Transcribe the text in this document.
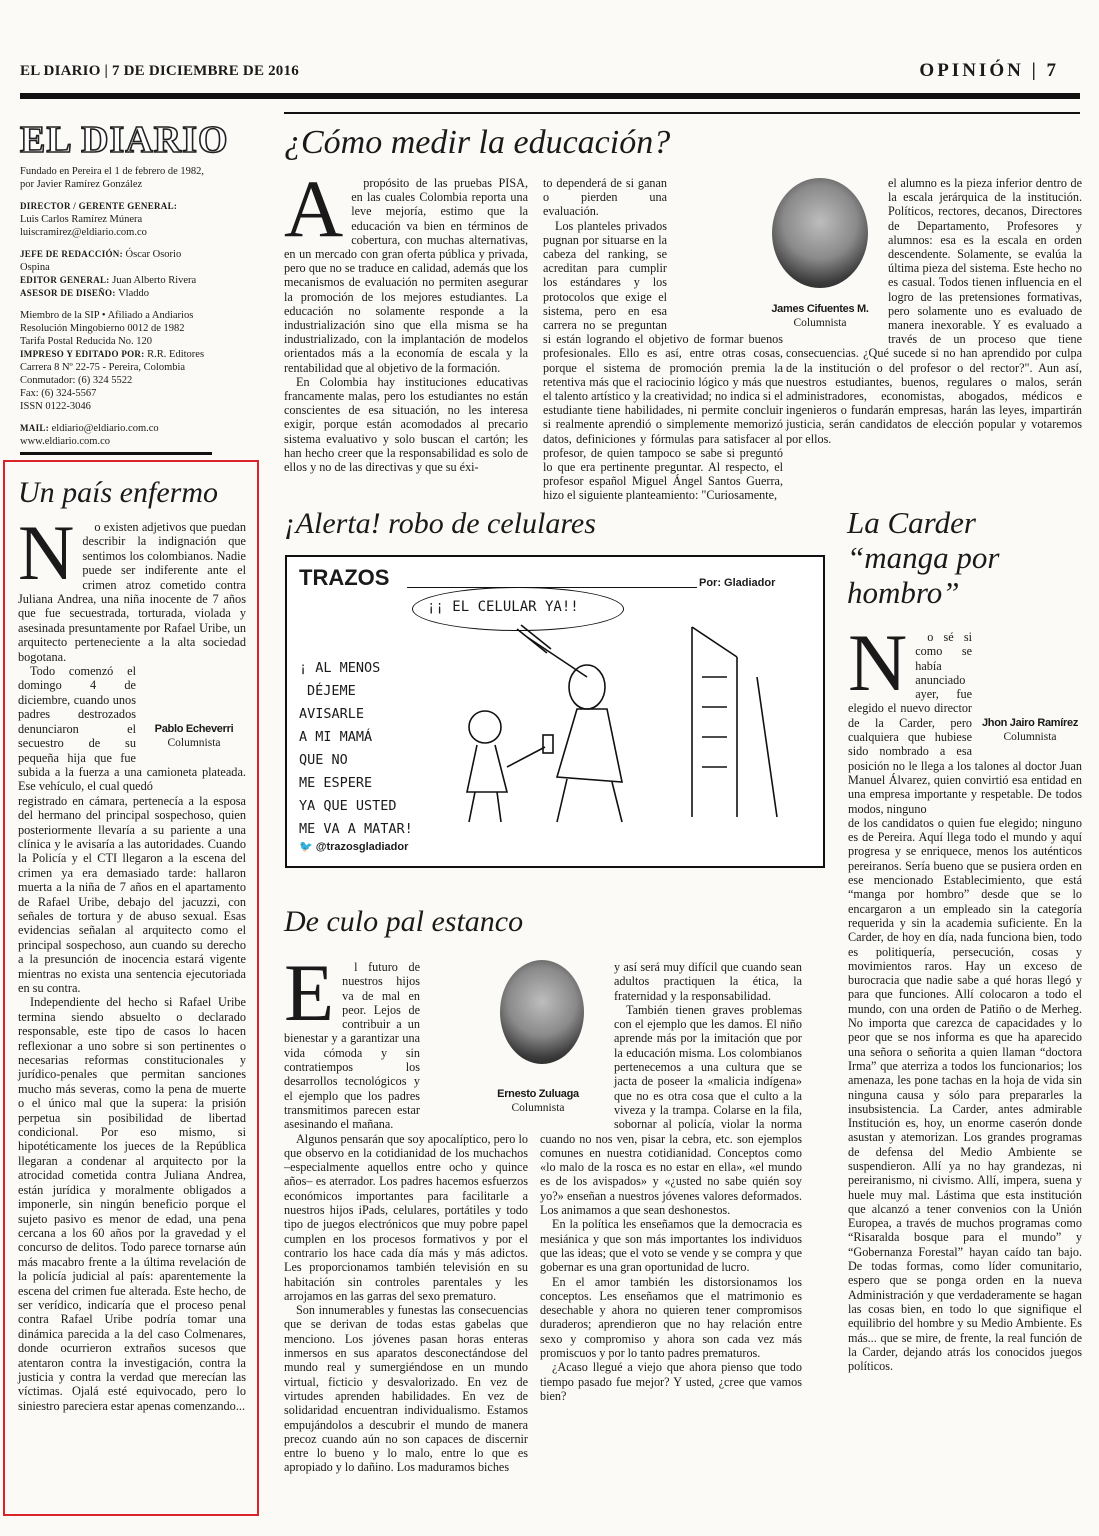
EL DIARIO | 7 DE DICIEMBRE DE 2016	OPINIÓN | 7
EL DIARIO

Fundado en Pereira el 1 de febrero de 1982, por Javier Ramírez González

DIRECTOR / GERENTE GENERAL:
Luis Carlos Ramírez Múnera
luiscramirez@eldiario.com.co

JEFE DE REDACCIÓN: Óscar Osorio Ospina
EDITOR GENERAL: Juan Alberto Rivera
ASESOR DE DISEÑO: Vladdo

Miembro de la SIP • Afiliado a Andiarios
Resolución Mingobierno 0012 de 1982
Tarifa Postal Reducida No. 120
IMPRESO Y EDITADO POR: R.R. Editores
Carrera 8 Nº 22-75 - Pereira, Colombia
Conmutador: (6) 324 5522
Fax: (6) 324-5567
ISSN 0122-3046

MAIL: eldiario@eldiario.com.co
www.eldiario.com.co

Un país enfermo
N	o existen adjetivos que puedan describir la indignación que sentimos los colombianos. Nadie puede ser indiferente ante el crimen atroz cometido contra Juliana Andrea, una niña inocente de 7 años que fue secuestrada, torturada, violada y asesinada presuntamente por Rafael Uribe, un arquitecto perteneciente a la alta sociedad bogotana.

Pablo Echeverri
Columnista

Todo comenzó el domingo 4 de diciembre, cuando unos padres destrozados denunciaron el secuestro de su pequeña hija que fue subida a la fuerza a una camioneta plateada. Ese vehículo, el cual quedó

registrado en cámara, pertenecía a la esposa del hermano del principal sospechoso, quien posteriormente llevaría a su pariente a una clínica y le avisaría a las autoridades. Cuando la Policía y el CTI llegaron a la escena del crimen ya era demasiado tarde: hallaron muerta a la niña de 7 años en el apartamento de Rafael Uribe, debajo del jacuzzi, con señales de tortura y de abuso sexual. Esas evidencias señalan al arquitecto como el principal sospechoso, aun cuando su derecho a la presunción de inocencia estará vigente mientras no exista una sentencia ejecutoriada en su contra.

Independiente del hecho si Rafael Uribe termina siendo absuelto o declarado responsable, este tipo de casos lo hacen reflexionar a uno sobre si son pertinentes o necesarias reformas constitucionales y jurídico-penales que permitan sanciones mucho más severas, como la pena de muerte o el único mal que la supera: la prisión perpetua sin posibilidad de libertad condicional. Por eso mismo, si hipotéticamente los jueces de la República llegaran a condenar al arquitecto por la atrocidad cometida contra Juliana Andrea, están jurídica y moralmente obligados a imponerle, sin ningún beneficio porque el sujeto pasivo es menor de edad, una pena cercana a los 60 años por la gravedad y el concurso de delitos. Todo parece tornarse aún más macabro frente a la última revelación de la policía judicial al país: aparentemente la escena del crimen fue alterada. Este hecho, de ser verídico, indicaría que el proceso penal contra Rafael Uribe podría tomar una dinámica parecida a la del caso Colmenares, donde ocurrieron extraños sucesos que atentaron contra la investigación, contra la justicia y contra la verdad que merecían las víctimas. Ojalá esté equivocado, pero lo siniestro pareciera estar apenas comenzando...

¿Cómo medir la educación?
A	propósito de las pruebas PISA, en las cuales Colombia reporta una leve mejoría, estimo que la educación va bien en términos de cobertura, con muchas alternativas, en un mercado con gran oferta pública y privada, pero que no se traduce en calidad, además que los mecanismos de evaluación no permiten asegurar la promoción de los mejores estudiantes. La educación no solamente responde a la industrialización sino que ella misma se ha industrializado, con la implantación de modelos orientados más a la economía de escala y la rentabilidad que al objetivo de la formación.

En Colombia hay instituciones educativas francamente malas, pero los estudiantes no están conscientes de esa situación, no les interesa exigir, porque están acomodados al precario sistema evaluativo y solo buscan el cartón; les han hecho creer que la responsabilidad es solo de ellos y no de las directivas y que su éxi-

to dependerá de si ganan o pierden una evaluación.

Los planteles privados pugnan por situarse en la cabeza del ranking, se acreditan para cumplir los estándares y los protocolos que exige el sistema, pero en esa carrera no se preguntan si están logrando el objetivo de formar buenos profesionales. Ello es así, entre otras cosas, porque el sistema de promoción premia la retentiva más que el raciocinio lógico y más que el talento artístico y la creatividad; no indica si el estudiante tiene habilidades, ni permite concluir si realmente aprendió o simplemente memorizó datos, definiciones y fórmulas para satisfacer al profesor, de quien tampoco se sabe si preguntó lo que era pertinente preguntar. Al respecto, el profesor español Miguel Ángel Santos Guerra, hizo el siguiente planteamiento: "Curiosamente,

James Cifuentes M.
Columnista

el alumno es la pieza inferior dentro de la escala jerárquica de la institución. Políticos, rectores, decanos, Directores de Departamento, Profesores y alumnos: esa es la escala en orden descendente. Solamente, se evalúa la última pieza del sistema. Este hecho no es casual. Todos tienen influencia en el logro de las pretensiones formativas, pero solamente uno es evaluado de manera inexorable. Y es evaluado a través de un proceso que tiene consecuencias. ¿Qué sucede si no han aprendido por culpa de la institución o del profesor o del rector?". Aun así, nuestros estudiantes, buenos, regulares o malos, serán administradores, economistas, abogados, médicos e ingenieros o fundarán empresas, harán las leyes, impartirán justicia, serán candidatos de elección popular y votaremos por ellos.

¡Alerta! robo de celulares
TRAZOS	Por: Gladiador
¡¡ EL CELULAR YA!!
¡ AL MENOS
DÉJEME
AVISARLE
A MI MAMÁ
QUE NO
ME ESPERE
YA QUE USTED
ME VA A MATAR!
🐦 @trazosgladiador
De culo pal estanco
E	l futuro de nuestros hijos va de mal en peor. Lejos de contribuir a un bienestar y a garantizar una vida cómoda y sin contratiempos los desarrollos tecnológicos y el ejemplo que los padres transmitimos parecen estar asesinando el mañana.

Algunos pensarán que soy apocalíptico, pero lo que observo en la cotidianidad de los muchachos –especialmente aquellos entre ocho y quince años– es aterrador. Los padres hacemos esfuerzos económicos importantes para facilitarle a nuestros hijos iPads, celulares, portátiles y todo tipo de juegos electrónicos que muy pobre papel cumplen en los procesos formativos y por el contrario los hace cada día más y más adictos. Les proporcionamos también televisión en su habitación sin controles parentales y les arrojamos en las garras del sexo prematuro.

Son innumerables y funestas las consecuencias que se derivan de todas estas gabelas que menciono. Los jóvenes pasan horas enteras inmersos en sus aparatos desconectándose del mundo real y sumergiéndose en un mundo virtual, ficticio y desvalorizado. En vez de virtudes aprenden habilidades. En vez de solidaridad encuentran individualismo. Estamos empujándolos a descubrir el mundo de manera precoz cuando aún no son capaces de discernir entre lo bueno y lo malo, entre lo que es apropiado y lo dañino. Los maduramos biches

Ernesto Zuluaga
Columnista

y así será muy difícil que cuando sean adultos practiquen la ética, la fraternidad y la responsabilidad.

También tienen graves problemas con el ejemplo que les damos. El niño aprende más por la imitación que por la educación misma. Los colombianos pertenecemos a una cultura que se jacta de poseer la «malicia indígena» que no es otra cosa que el culto a la viveza y la trampa. Colarse en la fila, sobornar al policía, violar la norma cuando no nos ven, pisar la cebra, etc. son ejemplos comunes en nuestra cotidianidad. Conceptos como «lo malo de la rosca es no estar en ella», «el mundo es de los avispados» y «¿usted no sabe quién soy yo?» enseñan a nuestros jóvenes valores deformados. Los animamos a que sean deshonestos.

En la política les enseñamos que la democracia es mesiánica y que son más importantes los individuos que las ideas; que el voto se vende y se compra y que gobernar es una gran oportunidad de lucro.

En el amor también les distorsionamos los conceptos. Les enseñamos que el matrimonio es desechable y ahora no quieren tener compromisos duraderos; aprendieron que no hay relación entre sexo y compromiso y ahora son cada vez más promiscuos y por lo tanto padres prematuros.

¿Acaso llegué a viejo que ahora pienso que todo tiempo pasado fue mejor? Y usted, ¿cree que vamos bien?

La Carder
“manga por
hombro”
N
Jhon Jairo Ramírez
Columnista

o sé si como se había anunciado ayer, fue elegido el nuevo director de la Carder, pero cualquiera que hubiese sido nombrado a esa posición no le llega a los talones al doctor Juan Manuel Álvarez, quien convirtió esa entidad en una empresa importante y respetable. De todos modos, ninguno

de los candidatos o quien fue elegido; ninguno es de Pereira. Aquí llega todo el mundo y aquí progresa y se enriquece, menos los auténticos pereiranos. Sería bueno que se pusiera orden en ese mencionado Establecimiento, que está “manga por hombro” desde que se lo encargaron a un empleado sin la categoría requerida y sin la academia suficiente. En la Carder, de hoy en día, nada funciona bien, todo es politiquería, persecución, cosas y movimientos raros. Hay un exceso de burocracia que nadie sabe a qué horas llegó y para que funciones. Allí colocaron a todo el mundo, con una orden de Patiño o de Merheg. No importa que carezca de capacidades y lo peor que se nos informa es que ha aparecido una señora o señorita a quien llaman “doctora Irma” que aterriza a todos los funcionarios; los amenaza, les pone tachas en la hoja de vida sin ninguna causa y sólo para prepararles la insubsistencia. La Carder, antes admirable Institución es, hoy, un enorme caserón donde asustan y atemorizan. Los grandes programas de defensa del Medio Ambiente se suspendieron. Allí ya no hay grandezas, ni pereiranismo, ni civismo. Allí, impera, suena y huele muy mal. Lástima que esta institución que alcanzó a tener convenios con la Unión Europea, a través de muchos programas como “Risaralda bosque para el mundo” y “Gobernanza Forestal” hayan caído tan bajo. De todas formas, como líder comunitario, espero que se ponga orden en la nueva Administración y que verdaderamente se hagan las cosas bien, en todo lo que signifique el equilibrio del hombre y su Medio Ambiente. Es más... que se mire, de frente, la real función de la Carder, dejando atrás los conocidos juegos políticos.
